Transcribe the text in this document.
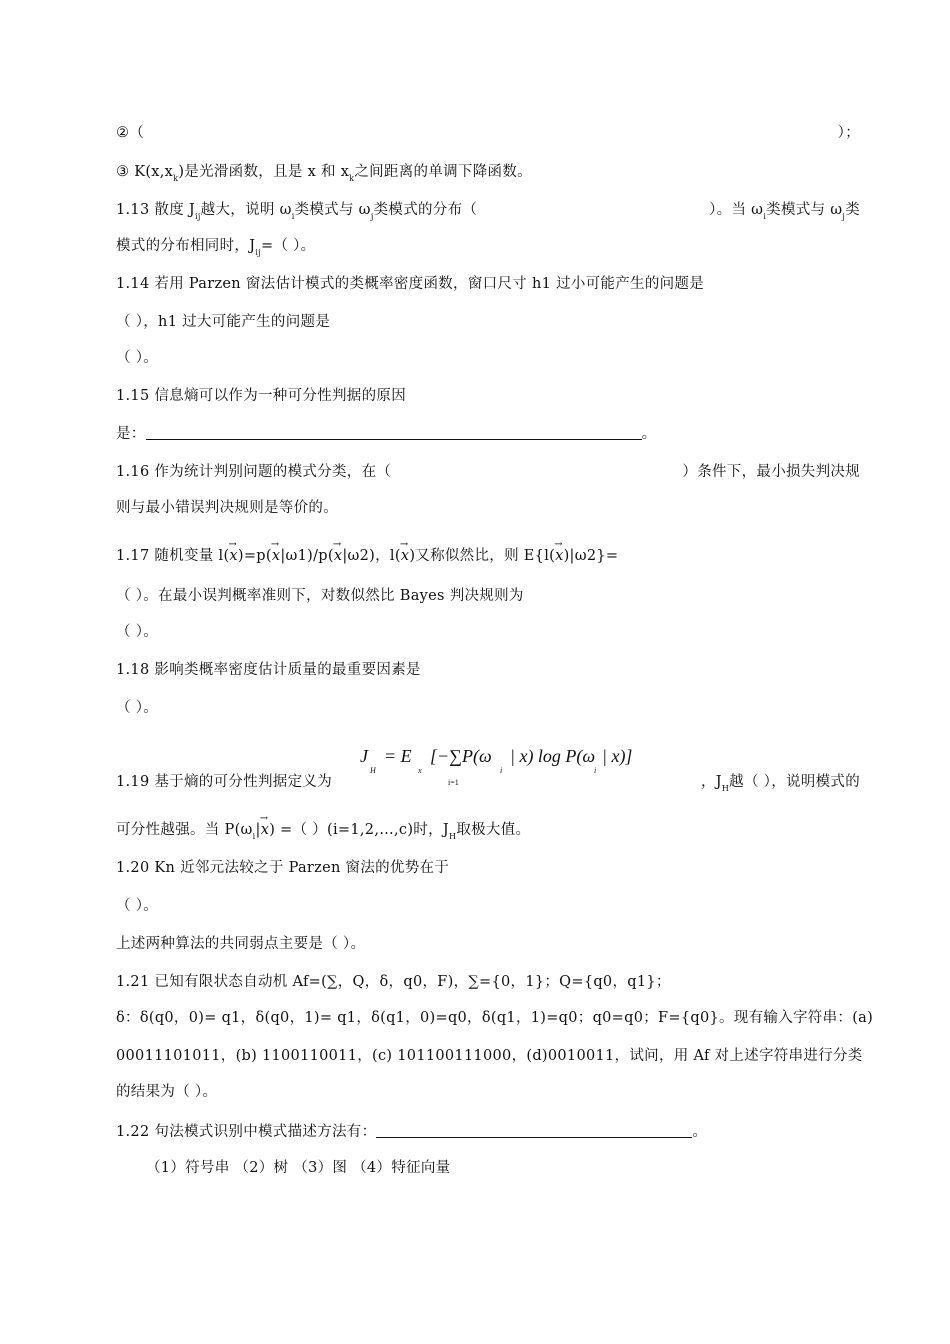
②（	）；
③ $K(x,x_k)$是光滑函数，且是 x 和 $x_k$之间距离的单调下降函数。
1.13 散度 $J_{ij}$越大，说明 $\omega_i$类模式与 $\omega_j$类模式的分布（	）。当 $\omega_i$类模式与 $\omega_j$类
模式的分布相同时，$J_{ij}=$（ ）。
1.14 若用 Parzen 窗法估计模式的类概率密度函数，窗口尺寸 h1 过小可能产生的问题是
（ ），h1 过大可能产生的问题是
（ ）。
1.15 信息熵可以作为一种可分性判据的原因
是：	。
1.16 作为统计判别问题的模式分类，在（	）条件下，最小损失判决规
则与最小错误判决规则是等价的。
1.17 随机变量 l(→ x)=p(→ x|ω1)/p(→ x|ω2)，l(→ x)又称似然比，则 E{l(→ x)|ω2}=
（ ）。在最小误判概率准则下，对数似然比 Bayes 判决规则为
（ ）。
1.18 影响类概率密度估计质量的最重要因素是
（ ）。
J
H
= E
x
[−∑P(ω
i
| x) log P(ω
i
| x)]
i=1
1.19 基于熵的可分性判据定义为	，$J_H$越（ ），说明模式的
可分性越强。当 $P(\omega_i|\to x)$ =（ ）(i=1,2,…,c)时，$J_H$取极大值。
1.20 Kn 近邻元法较之于 Parzen 窗法的优势在于
（ ）。
上述两种算法的共同弱点主要是（ ）。
1.21 已知有限状态自动机 Af=(∑，Q，δ，q0，F)，∑={0，1}；Q={q0，q1}；
δ：δ(q0，0)= q1，δ(q0，1)= q1，δ(q1，0)=q0，δ(q1，1)=q0；q0=q0；F={q0}。现有输入字符串：(a)
00011101011，(b) 1100110011，(c) 101100111000，(d)0010011，试问，用 Af 对上述字符串进行分类
的结果为（ ）。
1.22 句法模式识别中模式描述方法有：	。
（1）符号串 （2）树 （3）图 （4）特征向量
